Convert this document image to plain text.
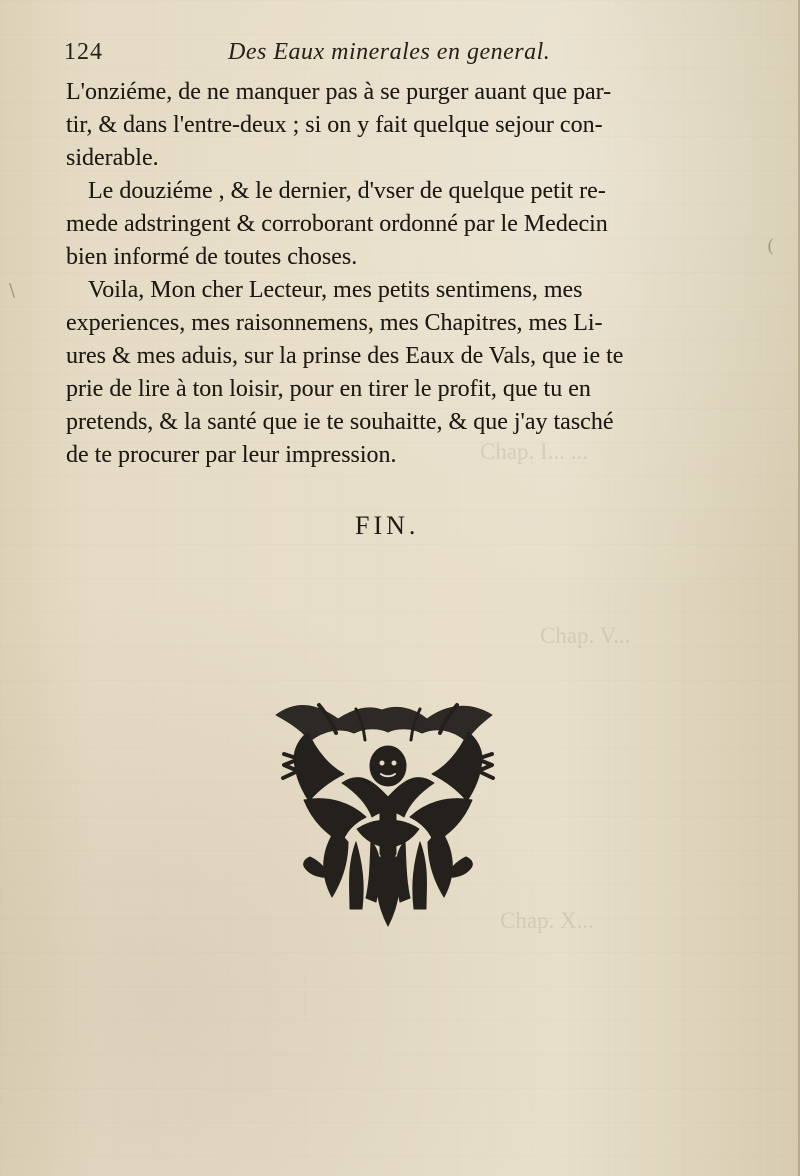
124	Des Eaux minerales en general.
L'onziéme, de ne manquer pas à se purger auant que par-
tir, & dans l'entre-deux ; si on y fait quelque sejour con-
siderable.
Le douziéme , & le dernier, d'vser de quelque petit re-
mede adstringent & corroborant ordonné par le Medecin
bien informé de toutes choses.
Voila, Mon cher Lecteur, mes petits sentimens, mes
experiences, mes raisonnemens, mes Chapitres, mes Li-
ures & mes aduis, sur la prinse des Eaux de Vals, que ie te
prie de lire à ton loisir, pour en tirer le profit, que tu en
pretends, & la santé que ie te souhaitte, & que j'ay tasché
de te procurer par leur impression.
FIN.
Chap. I... ...
Chap. V...
Chap. X...
\
(
